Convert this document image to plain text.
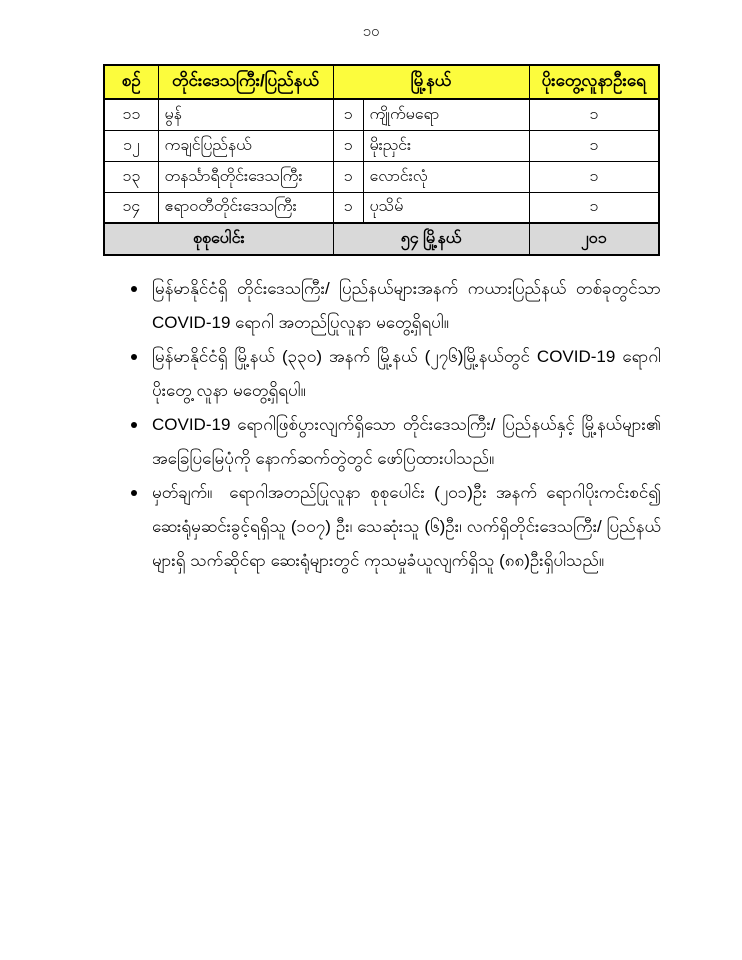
၁၀
စဉ်	တိုင်းဒေသကြီး/ပြည်နယ်	မြို့နယ်		ပိုးတွေ့လူနာဦးရေ
၁၁	မွန်	၁	ကျိုက်မရော	၁
၁၂	ကချင်ပြည်နယ်	၁	မိုးညှင်း	၁
၁၃	တနင်္သာရီတိုင်းဒေသကြီး	၁	လောင်းလုံ	၁
၁၄	ဧရာဝတီတိုင်းဒေသကြီး	၁	ပုသိမ်	၁
စုစုပေါင်း		၅၄ မြို့နယ်		၂၀၁
မြန်မာနိုင်ငံရှိ တိုင်းဒေသကြီး/ ပြည်နယ်များအနက် ကယားပြည်နယ် တစ်ခုတွင်သာ COVID-19 ရောဂါ အတည်ပြုလူနာ မတွေ့ရှိရပါ။
မြန်မာနိုင်ငံရှိ မြို့နယ် (၃၃၀) အနက် မြို့နယ် (၂၇၆)မြို့နယ်တွင် COVID-19 ရောဂါ ပိုးတွေ့ လူနာ မတွေ့ရှိရပါ။
COVID-19 ရောဂါဖြစ်ပွားလျက်ရှိသော တိုင်းဒေသကြီး/ ပြည်နယ်နှင့် မြို့နယ်များ၏ အခြေပြမြေပုံကို နောက်ဆက်တွဲတွင် ဖော်ပြထားပါသည်။
မှတ်ချက်။ ရောဂါအတည်ပြုလူနာ စုစုပေါင်း (၂၀၁)ဦး အနက် ရောဂါပိုးကင်းစင်၍ ဆေးရုံမှဆင်းခွင့်ရရှိသူ (၁၀၇) ဦး၊ သေဆုံးသူ (၆)ဦး၊ လက်ရှိတိုင်းဒေသကြီး/ ပြည်နယ်များရှိ သက်ဆိုင်ရာ ဆေးရုံများတွင် ကုသမှုခံယူလျက်ရှိသူ (၈၈)ဦးရှိပါသည်။
